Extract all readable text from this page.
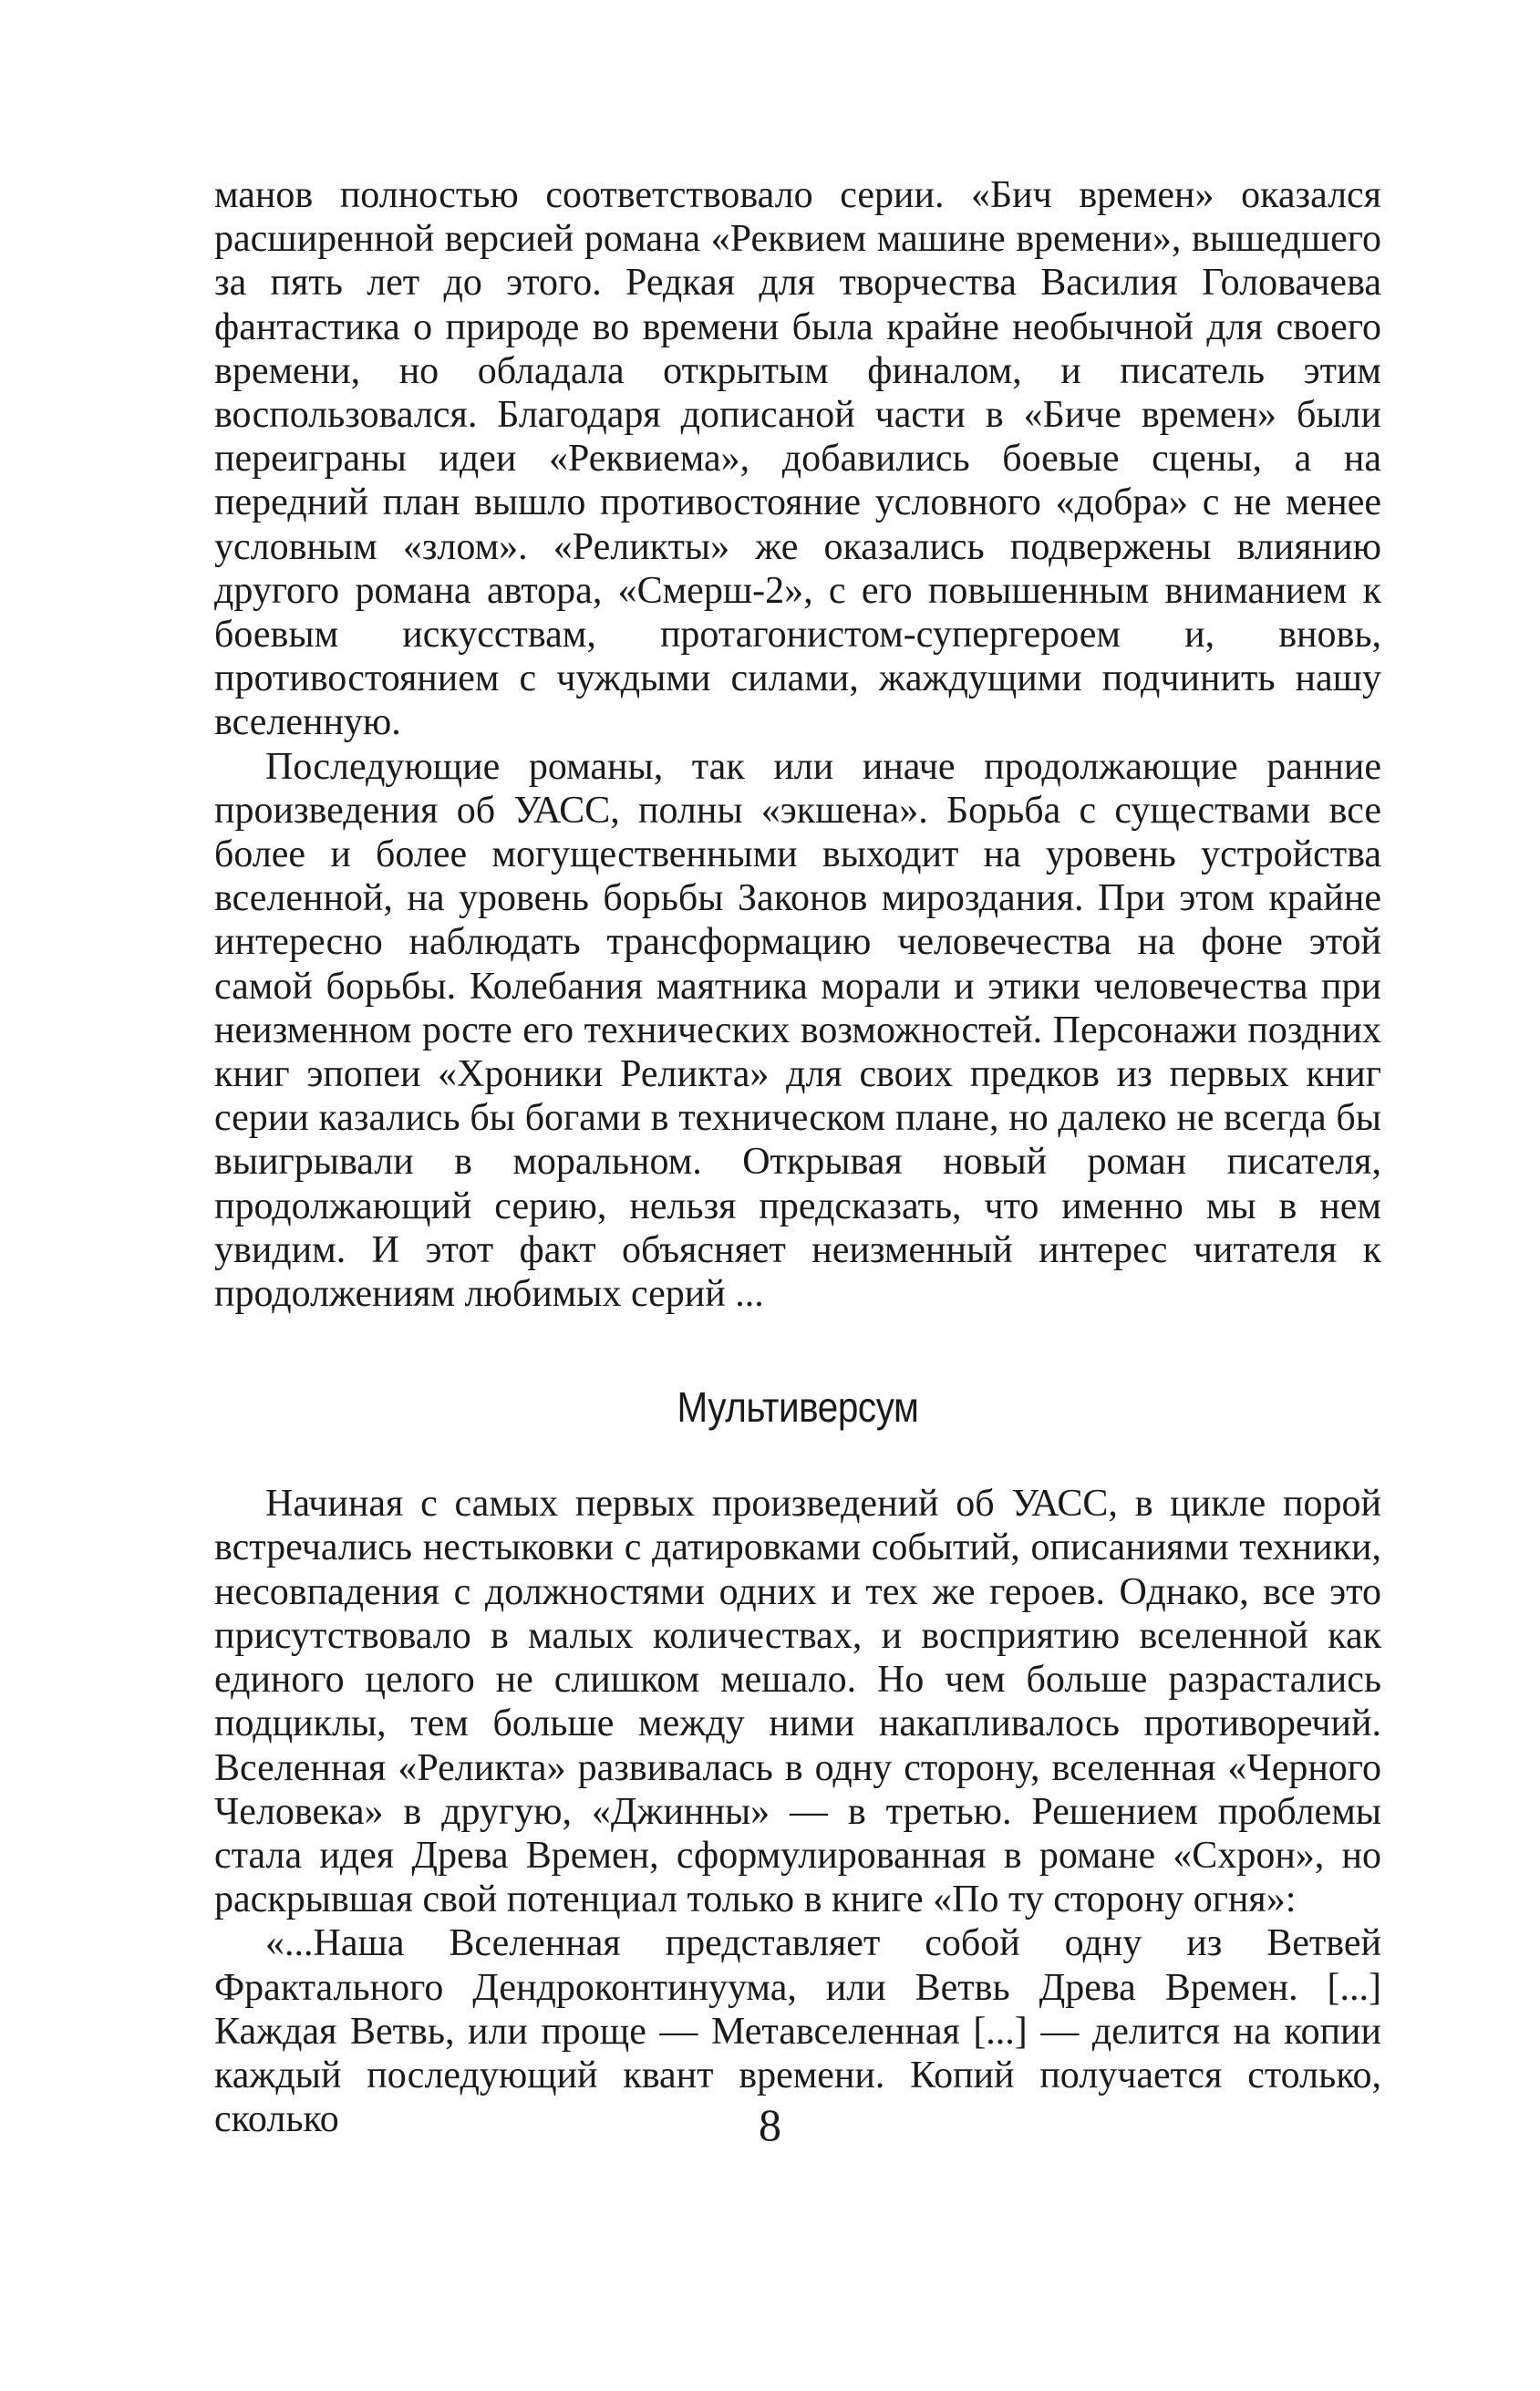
манов полностью соответствовало серии. «Бич времен» оказался расширенной версией романа «Реквием машине времени», вышедшего за пять лет до этого. Редкая для творчества Василия Головачева фантастика о природе во времени была крайне необычной для своего времени, но обладала открытым финалом, и писатель этим воспользовался. Благодаря дописаной части в «Биче времен» были переиграны идеи «Реквиема», добавились боевые сцены, а на передний план вышло противостояние условного «добра» с не менее условным «злом». «Реликты» же оказались подвержены влиянию другого романа автора, «Смерш-2», с его повышенным вниманием к боевым искусствам, протагонистом-супергероем и, вновь, противостоянием с чуждыми силами, жаждущими подчинить нашу вселенную.

Последующие романы, так или иначе продолжающие ранние произведения об УАСС, полны «экшена». Борьба с существами все более и более могущественными выходит на уровень устройства вселенной, на уровень борьбы Законов мироздания. При этом крайне интересно наблюдать трансформацию человечества на фоне этой самой борьбы. Колебания маятника морали и этики человечества при неизменном росте его технических возможностей. Персонажи поздних книг эпопеи «Хроники Реликта» для своих предков из первых книг серии казались бы богами в техническом плане, но далеко не всегда бы выигрывали в моральном. Открывая новый роман писателя, продолжающий серию, нельзя предсказать, что именно мы в нем увидим. И этот факт объясняет неизменный интерес читателя к продолжениям любимых серий ...

Мультиверсум

Начиная с самых первых произведений об УАСС, в цикле порой встречались нестыковки с датировками событий, описаниями техники, несовпадения с должностями одних и тех же героев. Однако, все это присутствовало в малых количествах, и восприятию вселенной как единого целого не слишком мешало. Но чем больше разрастались подциклы, тем больше между ними накапливалось противоречий. Вселенная «Реликта» развивалась в одну сторону, вселенная «Черного Человека» в другую, «Джинны» — в третью. Решением проблемы стала идея Древа Времен, сформулированная в романе «Схрон», но раскрывшая свой потенциал только в книге «По ту сторону огня»:

«...Наша Вселенная представляет собой одну из Ветвей Фрактального Дендроконтинуума, или Ветвь Древа Времен. [...] Каждая Ветвь, или проще — Метавселенная [...] — делится на копии каждый последующий квант времени. Копий получается столько, сколько	8
